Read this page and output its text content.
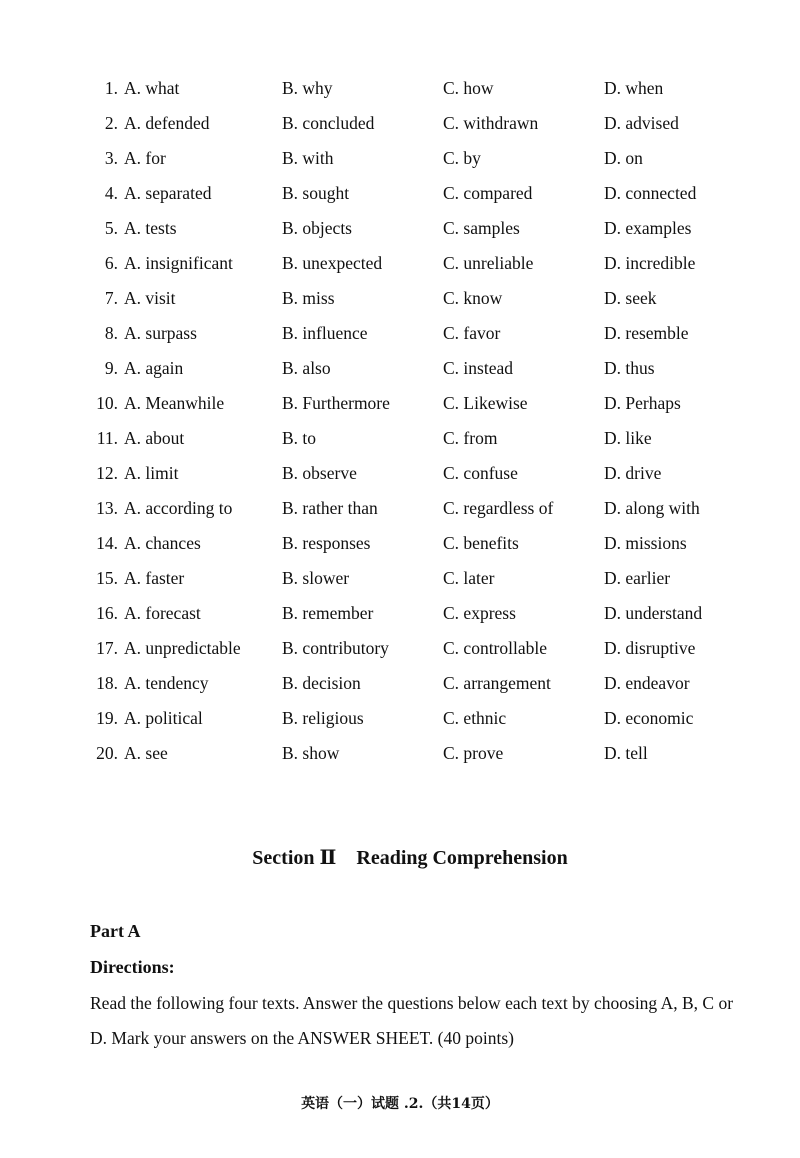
1. A. what	B. why	C. how	D. when
2. A. defended	B. concluded	C. withdrawn	D. advised
3. A. for	B. with	C. by	D. on
4. A. separated	B. sought	C. compared	D. connected
5. A. tests	B. objects	C. samples	D. examples
6. A. insignificant	B. unexpected	C. unreliable	D. incredible
7. A. visit	B. miss	C. know	D. seek
8. A. surpass	B. influence	C. favor	D. resemble
9. A. again	B. also	C. instead	D. thus
10. A. Meanwhile	B. Furthermore	C. Likewise	D. Perhaps
11. A. about	B. to	C. from	D. like
12. A. limit	B. observe	C. confuse	D. drive
13. A. according to	B. rather than	C. regardless of	D. along with
14. A. chances	B. responses	C. benefits	D. missions
15. A. faster	B. slower	C. later	D. earlier
16. A. forecast	B. remember	C. express	D. understand
17. A. unpredictable B. contributory	C. controllable	D. disruptive
18. A. tendency	B. decision	C. arrangement	D. endeavor
19. A. political	B. religious	C. ethnic	D. economic
20. A. see	B. show	C. prove	D. tell
Section Ⅱ    Reading Comprehension
Part A
Directions:
Read the following four texts. Answer the questions below each text by choosing A, B, C or D. Mark your answers on the ANSWER SHEET. (40 points)
英语（一）试题 .2.（共14页）
